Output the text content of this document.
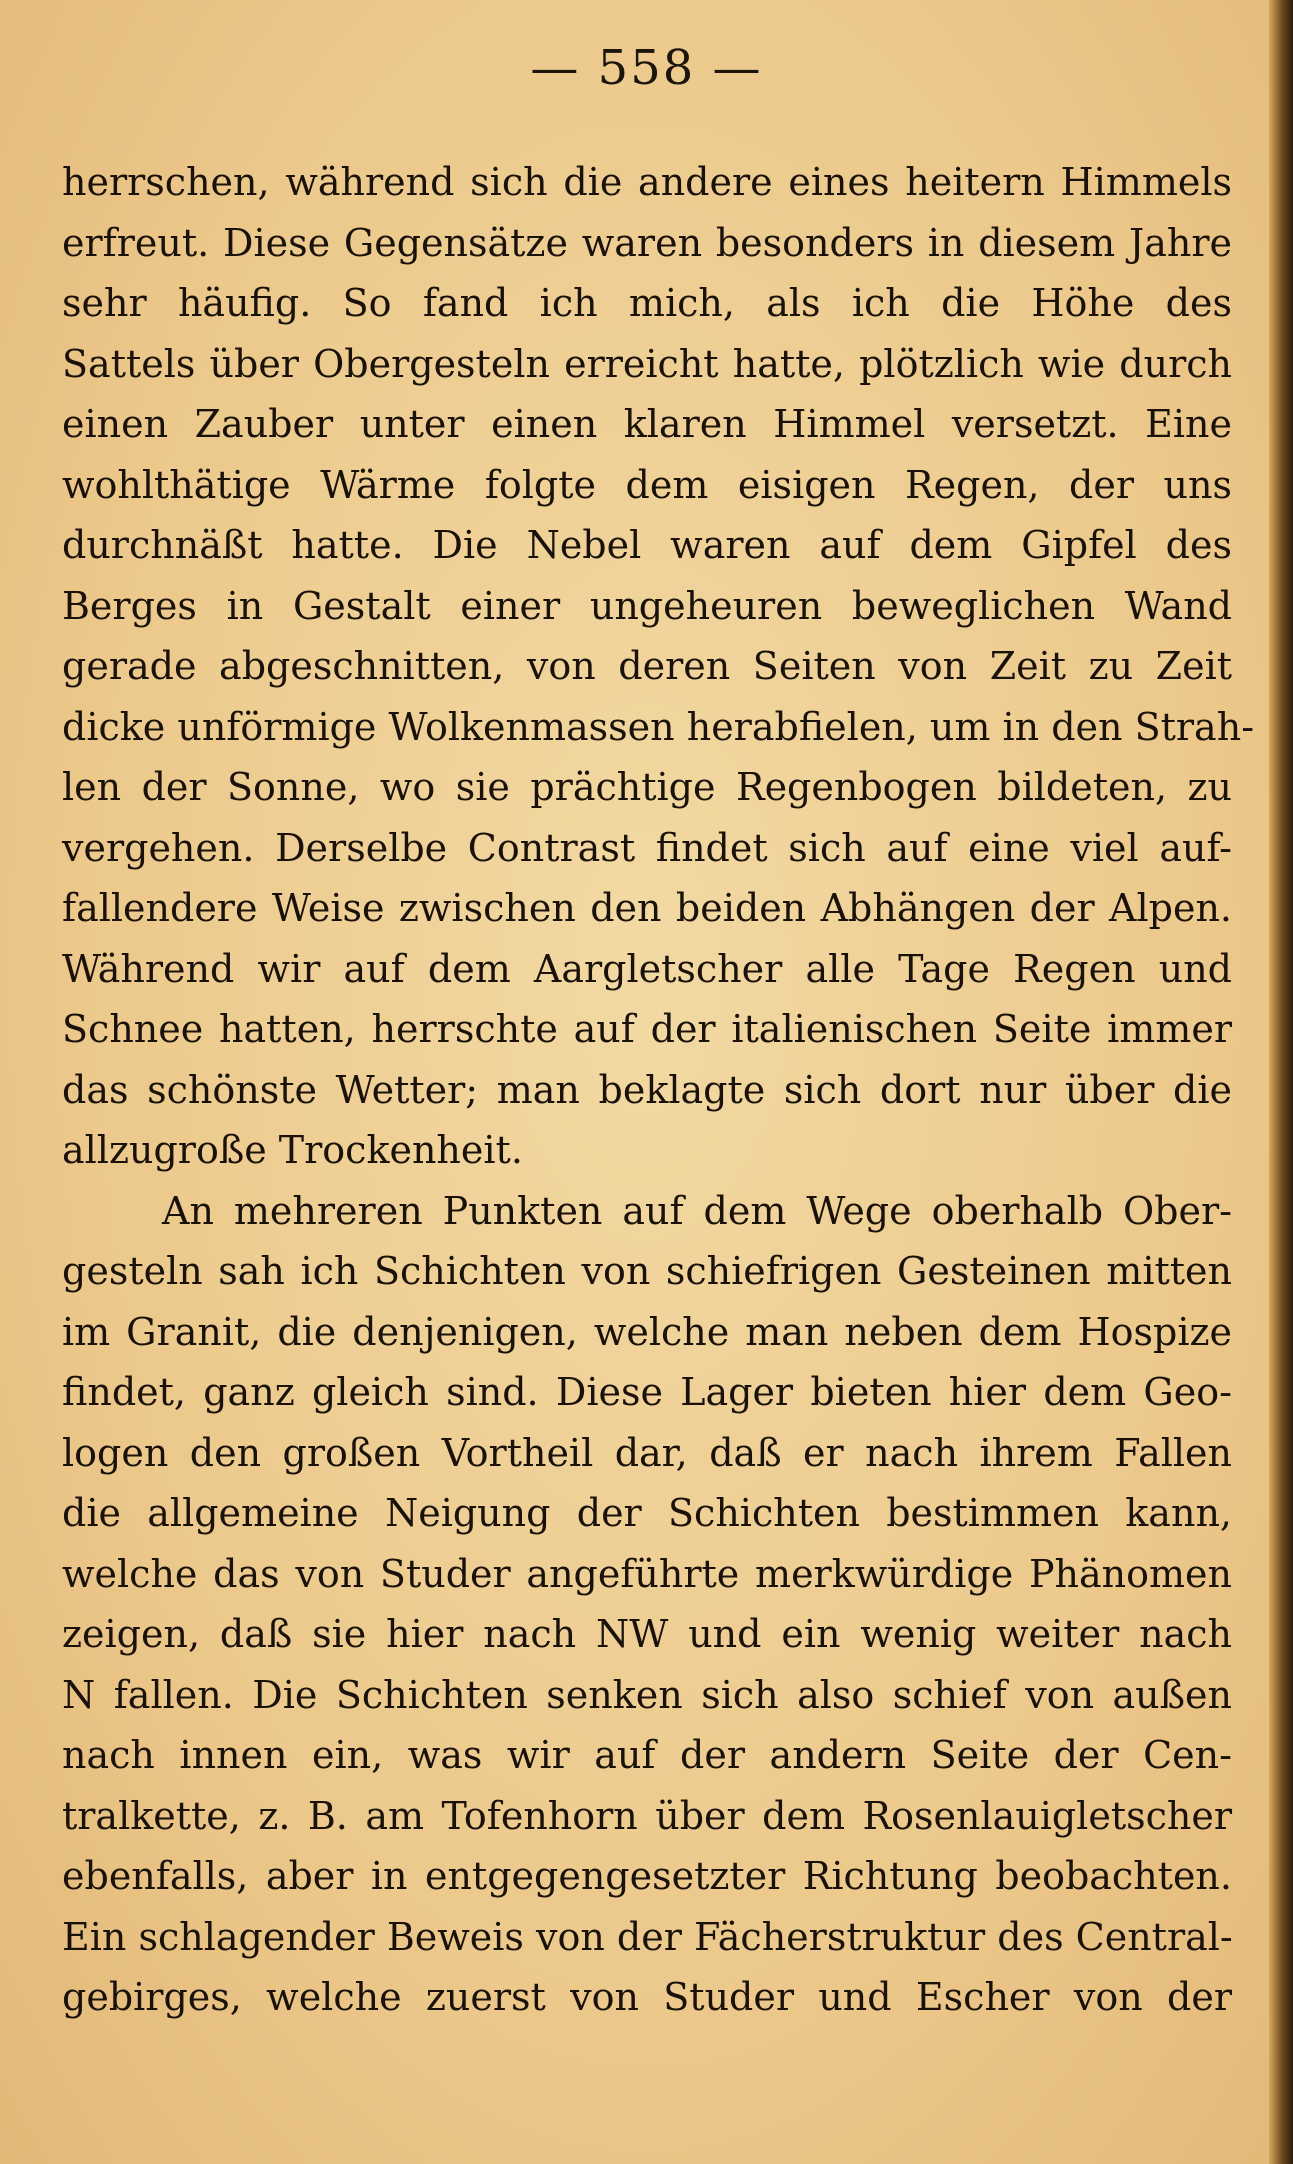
— 558 —
herrschen, während sich die andere eines heitern Himmels
erfreut. Diese Gegensätze waren besonders in diesem Jahre
sehr häufig. So fand ich mich, als ich die Höhe des
Sattels über Obergesteln erreicht hatte, plötzlich wie durch
einen Zauber unter einen klaren Himmel versetzt. Eine
wohlthätige Wärme folgte dem eisigen Regen, der uns
durchnäßt hatte. Die Nebel waren auf dem Gipfel des
Berges in Gestalt einer ungeheuren beweglichen Wand
gerade abgeschnitten, von deren Seiten von Zeit zu Zeit
dicke unförmige Wolkenmassen herabfielen, um in den Strah-
len der Sonne, wo sie prächtige Regenbogen bildeten, zu
vergehen. Derselbe Contrast findet sich auf eine viel auf-
fallendere Weise zwischen den beiden Abhängen der Alpen.
Während wir auf dem Aargletscher alle Tage Regen und
Schnee hatten, herrschte auf der italienischen Seite immer
das schönste Wetter; man beklagte sich dort nur über die
allzugroße Trockenheit.
An mehreren Punkten auf dem Wege oberhalb Ober-
gesteln sah ich Schichten von schiefrigen Gesteinen mitten
im Granit, die denjenigen, welche man neben dem Hospize
findet, ganz gleich sind. Diese Lager bieten hier dem Geo-
logen den großen Vortheil dar, daß er nach ihrem Fallen
die allgemeine Neigung der Schichten bestimmen kann,
welche das von Studer angeführte merkwürdige Phänomen
zeigen, daß sie hier nach NW und ein wenig weiter nach
N fallen. Die Schichten senken sich also schief von außen
nach innen ein, was wir auf der andern Seite der Cen-
tralkette, z. B. am Tofenhorn über dem Rosenlauigletscher
ebenfalls, aber in entgegengesetzter Richtung beobachten.
Ein schlagender Beweis von der Fächerstruktur des Central-
gebirges, welche zuerst von Studer und Escher von der
